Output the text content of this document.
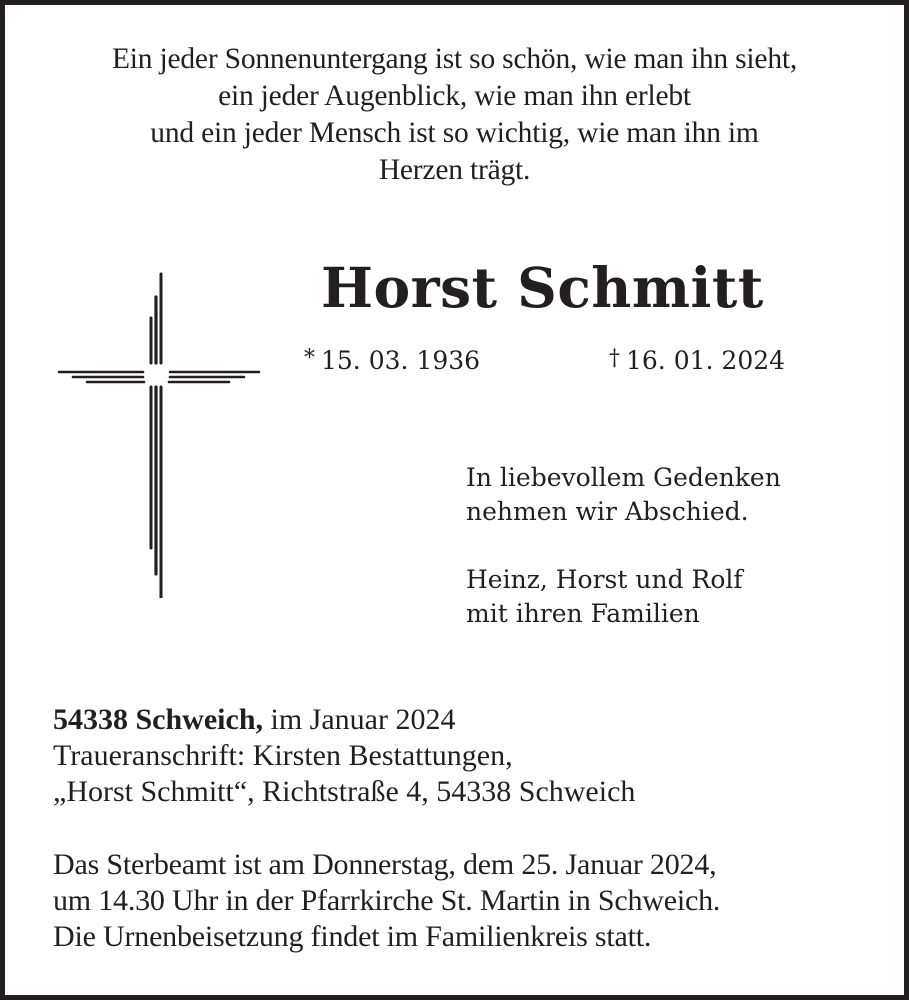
Ein jeder Sonnenuntergang ist so schön, wie man ihn sieht,
ein jeder Augenblick, wie man ihn erlebt
und ein jeder Mensch ist so wichtig, wie man ihn im
Herzen trägt.
Horst Schmitt
* 15. 03. 1936	† 16. 01. 2024
In liebevollem Gedenken
nehmen wir Abschied.
Heinz, Horst und Rolf
mit ihren Familien
54338 Schweich, im Januar 2024
Traueranschrift: Kirsten Bestattungen,
„Horst Schmitt“, Richtstraße 4, 54338 Schweich
Das Sterbeamt ist am Donnerstag, dem 25. Januar 2024,
um 14.30 Uhr in der Pfarrkirche St. Martin in Schweich.
Die Urnenbeisetzung findet im Familienkreis statt.
